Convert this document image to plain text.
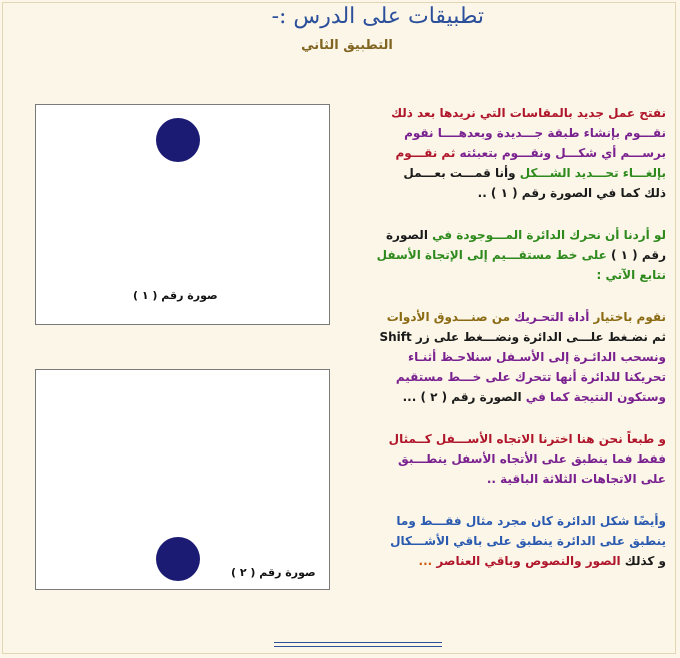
تطبيقات على الدرس :-
التطبيق الثاني
صورة رقم ( ١ )
صورة رقم ( ٢ )
نفتح عمل جديد بالمقاسات التي نريدها بعد ذلك
نقـــوم بإنشاء طبقة جـــديدة وبعدهــــا نقوم
برســـم أي شكـــل ونقـــوم بتعبئته ثم نقـــوم
بإلغـــاء تحـــديد الشـــكل وأنا قمـــت بعـــمل
ذلك كما في الصورة رقم ( ١ ) ..
لو أردنا أن نحرك الدائرة المـــوجودة في الصورة
رقم ( ١ ) على خط مستقـــيم إلى الإتجاة الأسفل
نتابع الآتي :
نقوم باختيار أداة التحـريك من صنـــدوق الأدوات
ثم نضـغط علـــى الدائرة ونضـــغط على زر Shift
ونسحب الدائـرة إلى الأسـفل سنلاحـظ أثنـاء
تحريكنا للدائرة أنها تتحرك على خـــط مستقيم
وستكون النتيجة كما في الصورة رقم ( ٢ ) ...
و طبعاً نحن هنا اخترنا الاتجاه الأســـفل كــمثال
فقط فما ينطبق على الأتجاه الأسفل ينطـــبق
على الاتجاهات الثلاثة الباقية ..
وأيضًا شكل الدائرة كان مجرد مثال فقـــط وما
ينطبق على الدائرة ينطبق على باقي الأشـــكال
و كذلك الصور والنصوص وباقي العناصر ...
